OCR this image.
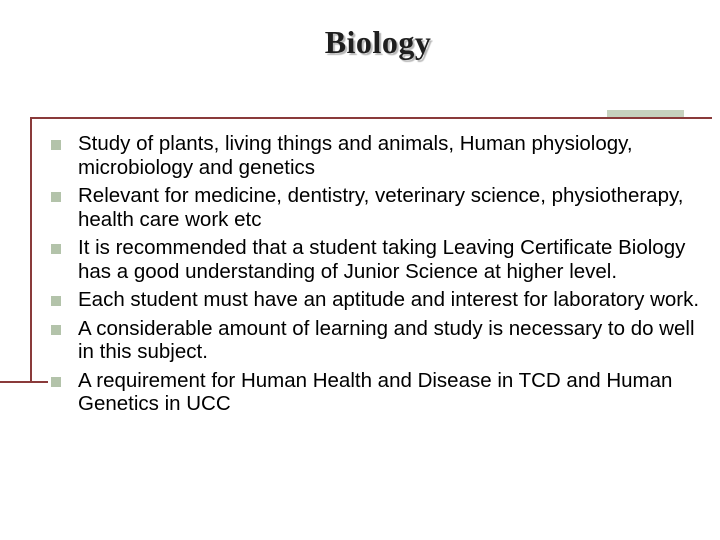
Biology
Study of plants, living things and animals, Human physiology, microbiology and genetics
Relevant for medicine, dentistry, veterinary science, physiotherapy, health care work etc
It is recommended that a student taking Leaving Certificate Biology has a good understanding of Junior Science at higher level.
Each student must have an aptitude and interest for laboratory work.
A considerable amount of learning and study is necessary to do well in this subject.
A requirement for Human Health and Disease in TCD and Human Genetics in UCC
